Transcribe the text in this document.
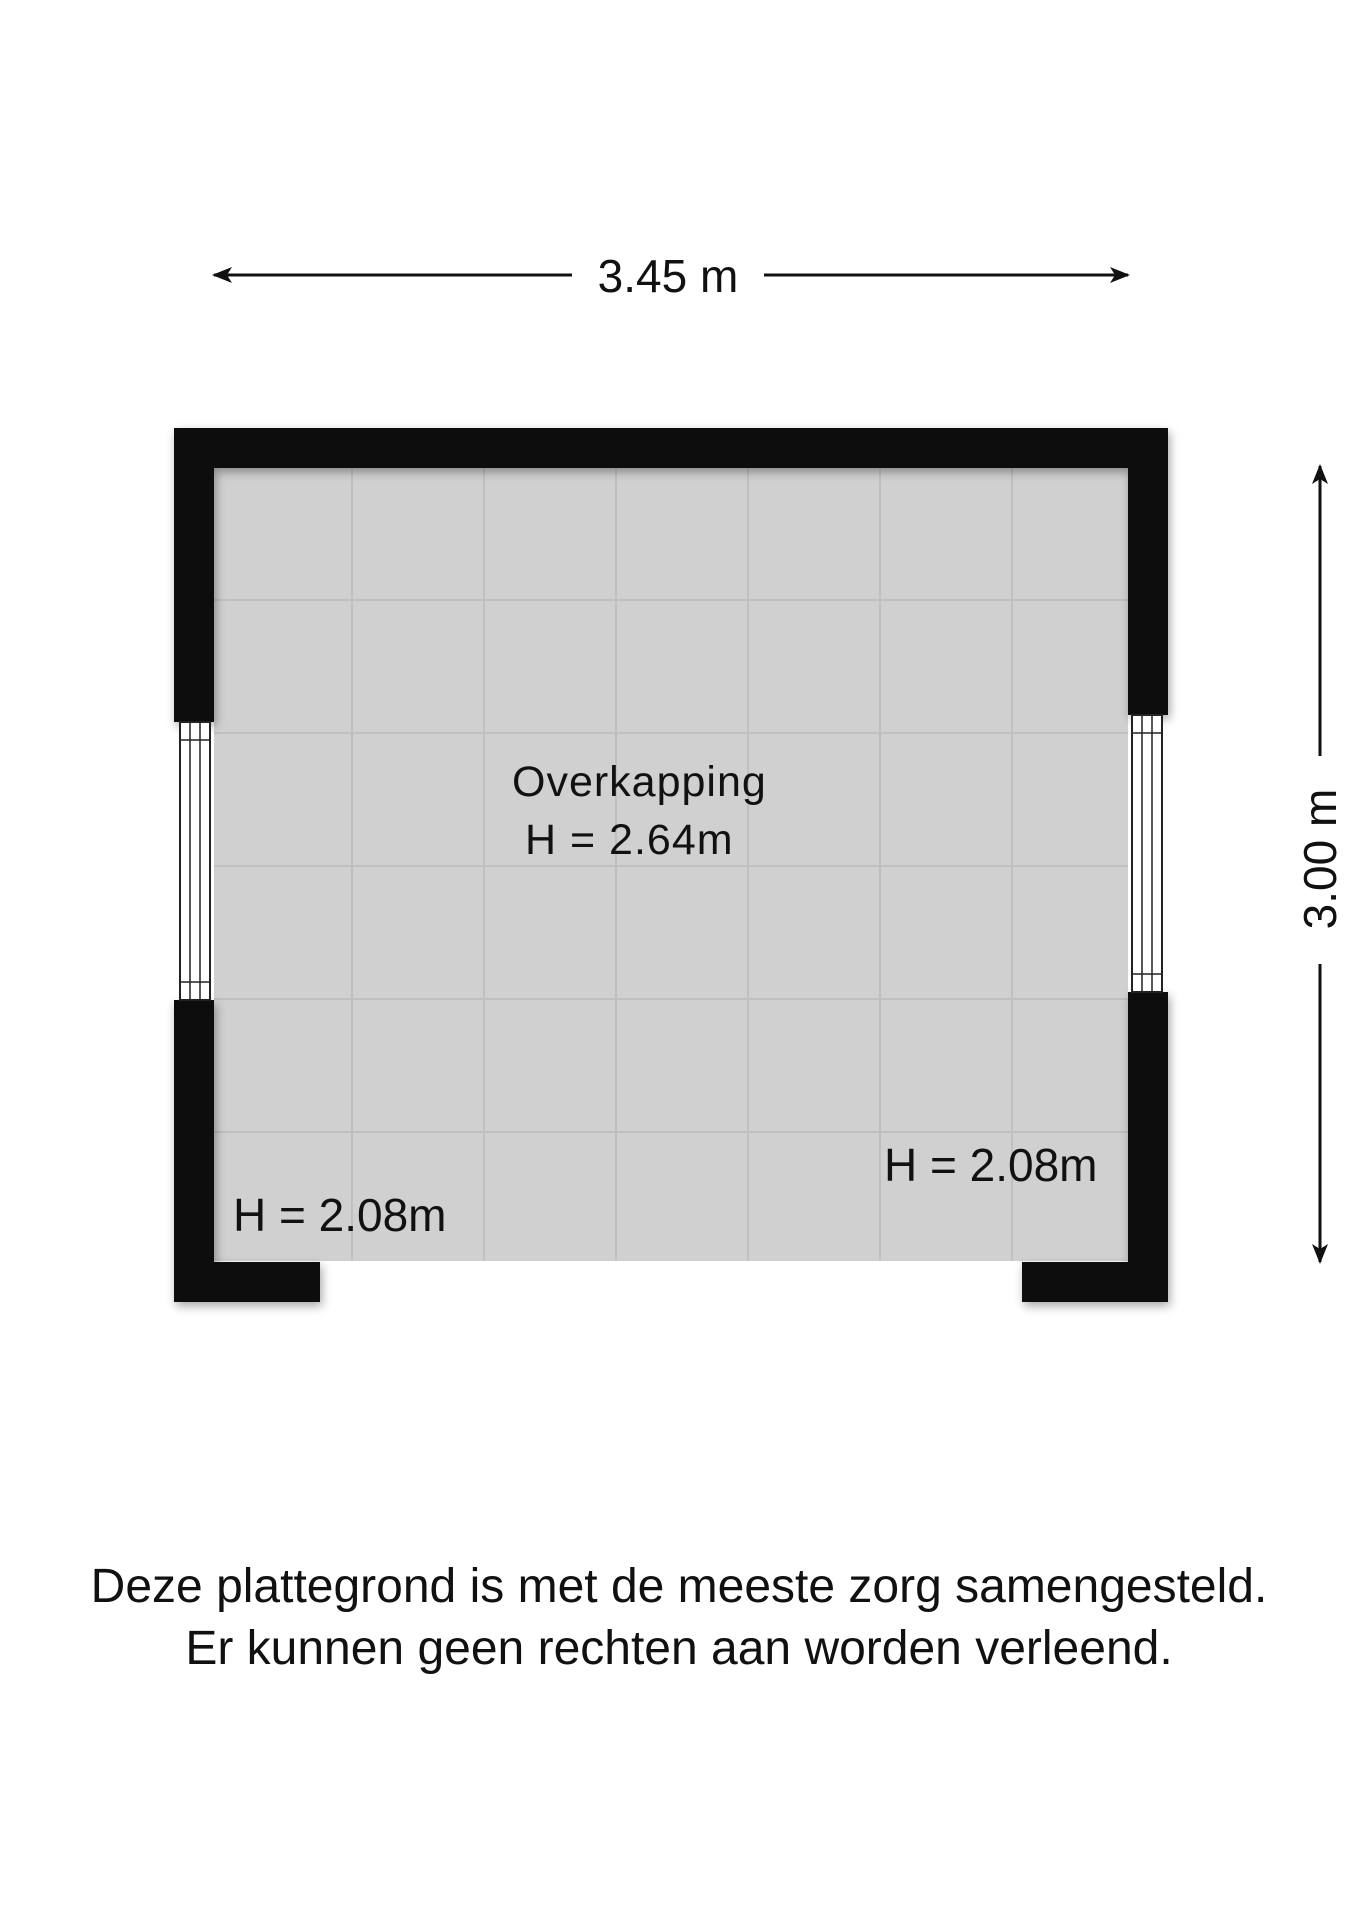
3.45 m
3.00 m
Overkapping
H = 2.64m
H = 2.08m
H = 2.08m
Deze plattegrond is met de meeste zorg samengesteld.
Er kunnen geen rechten aan worden verleend.
